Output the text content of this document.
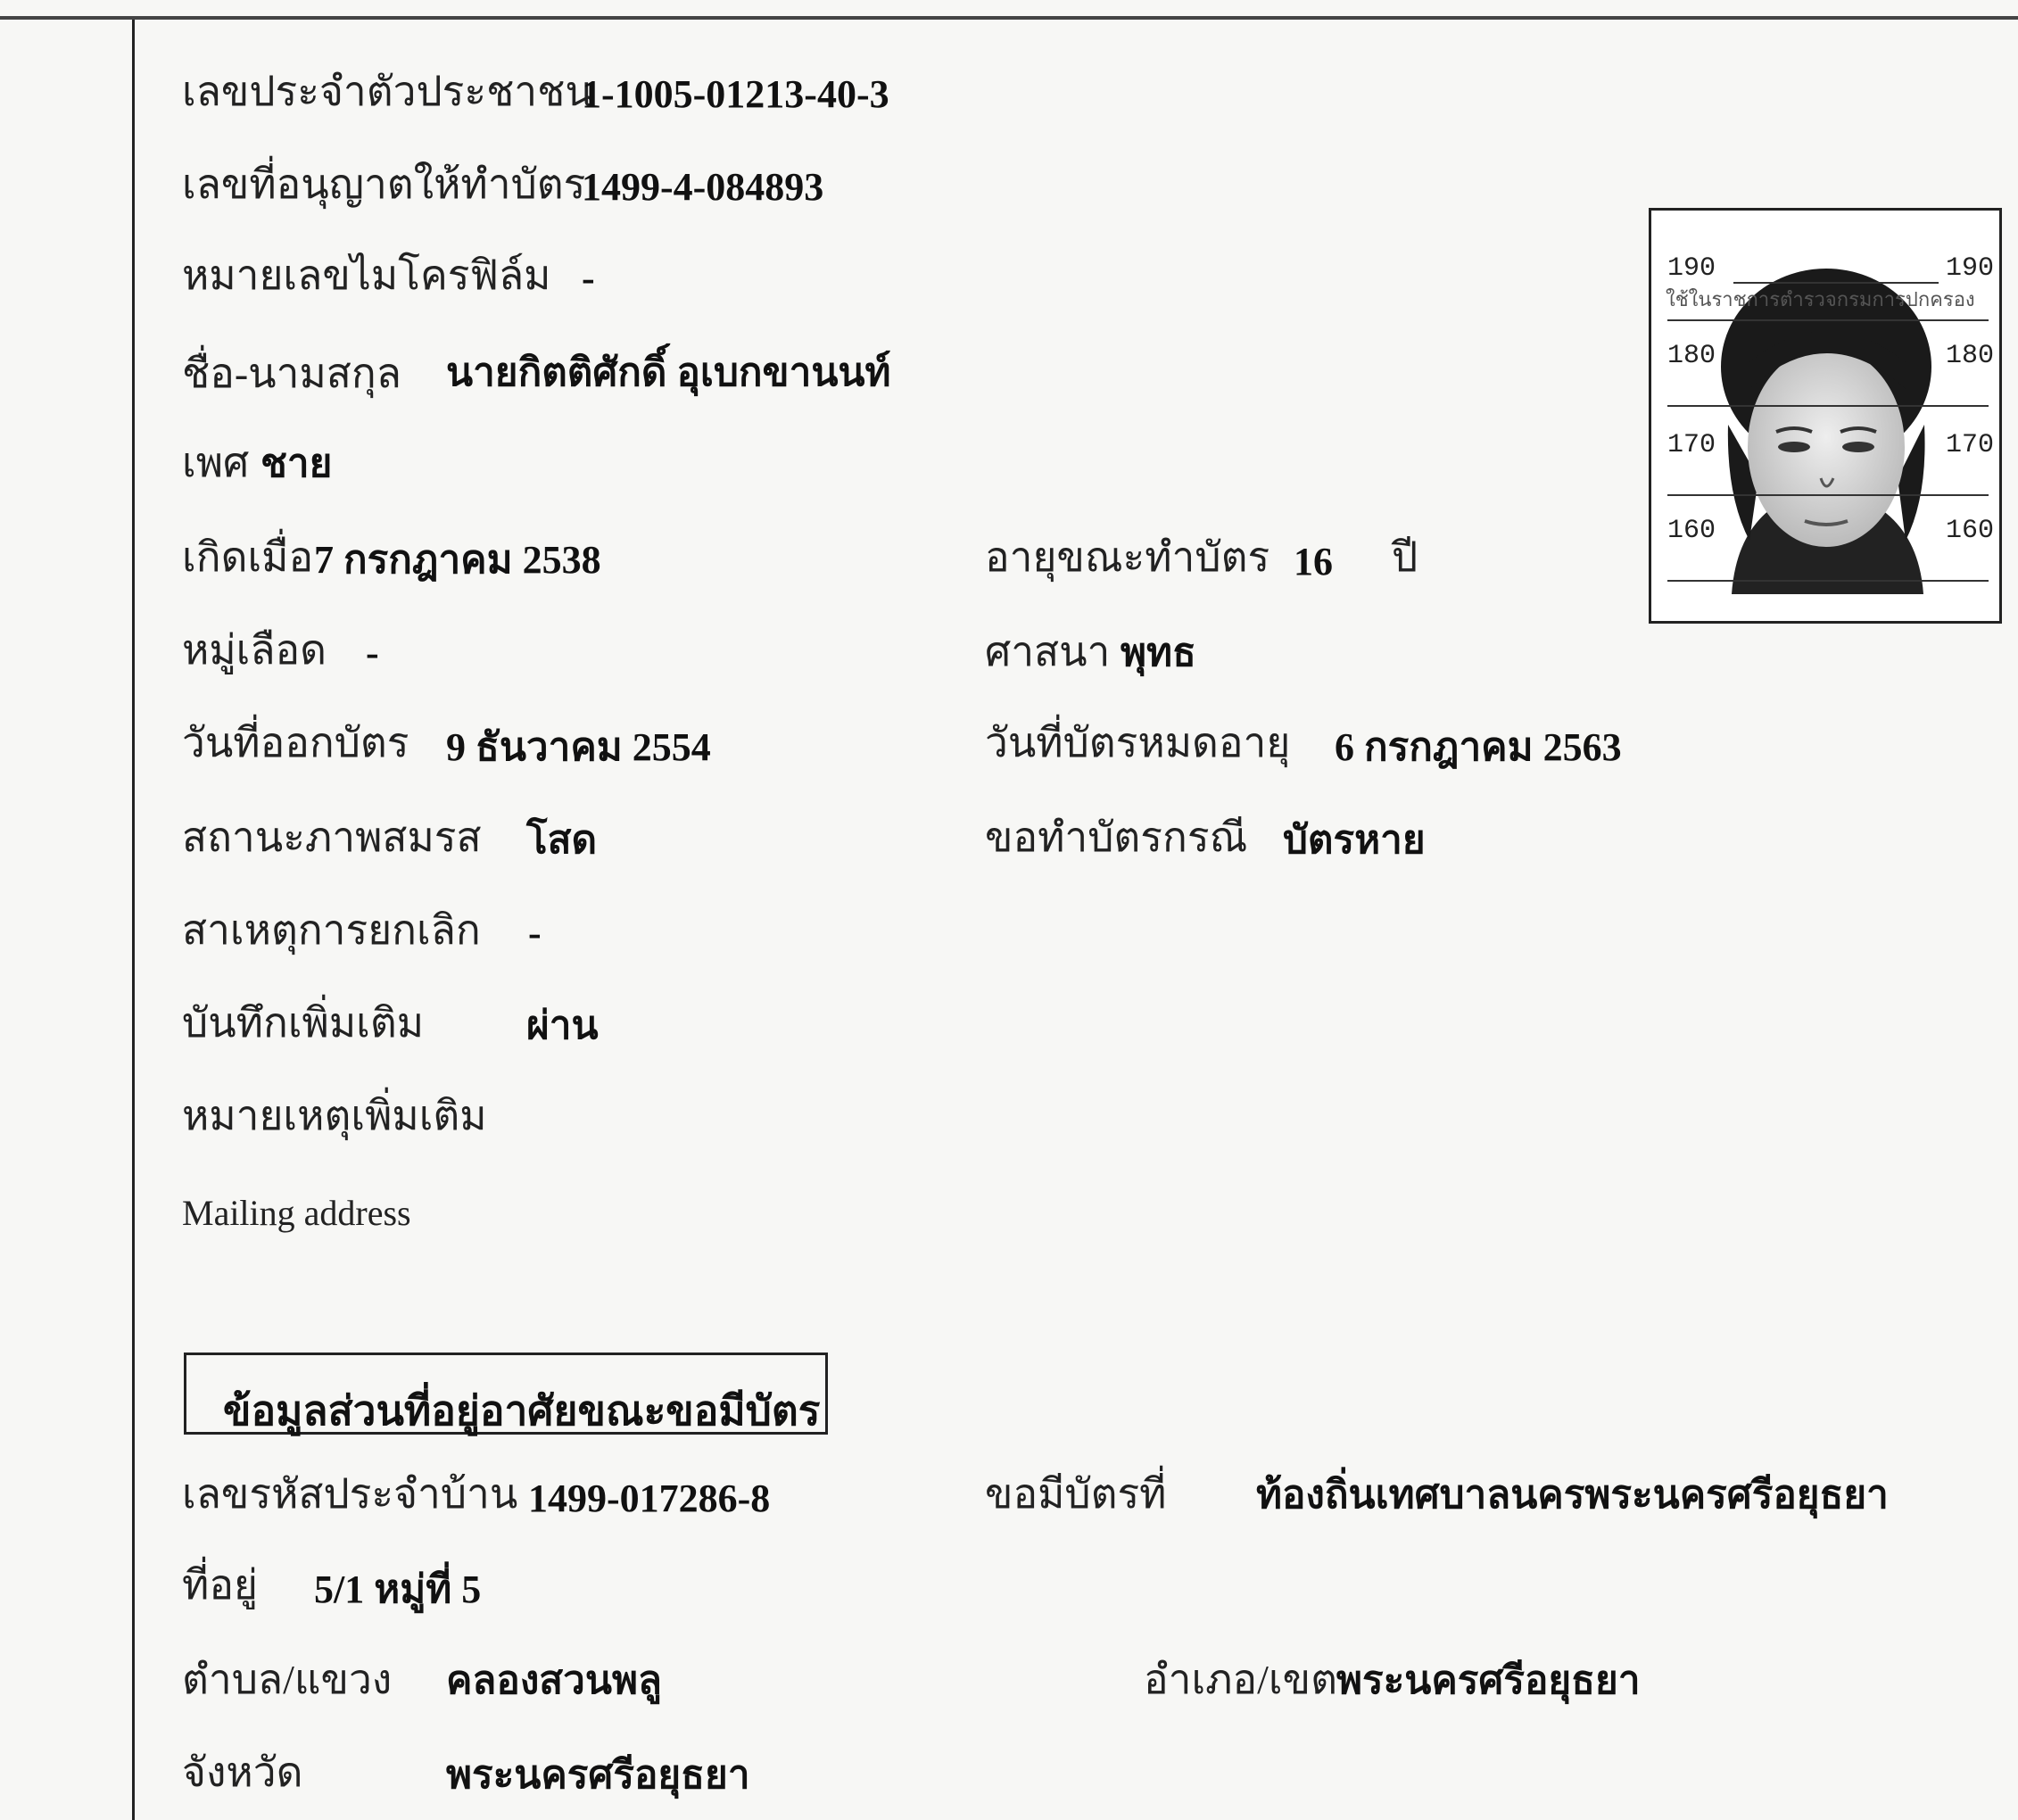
เลขประจำตัวประชาชน
1-1005-01213-40-3
เลขที่อนุญาตให้ทำบัตร
1499-4-084893
หมายเลขไมโครฟิล์ม -
ชื่อ-นามสกุล นายกิตติศักดิ์ อุเบกขานนท์
เพศ ชาย
เกิดเมื่อ 7 กรกฎาคม 2538	อายุขณะทำบัตร 16 ปี
หมู่เลือด -	ศาสนา พุทธ
วันที่ออกบัตร 9 ธันวาคม 2554	วันที่บัตรหมดอายุ 6 กรกฎาคม 2563
สถานะภาพสมรส โสด	ขอทำบัตรกรณี บัตรหาย
สาเหตุการยกเลิก -
บันทึกเพิ่มเติม	ผ่าน
หมายเหตุเพิ่มเติม
Mailing address
190	190
ใช้ในราชการตำรวจกรมการปกครอง
180	180
170	170
160	160
ข้อมูลส่วนที่อยู่อาศัยขณะขอมีบัตร
เลขรหัสประจำบ้าน 1499-017286-8	ขอมีบัตรที่ ท้องถิ่นเทศบาลนครพระนครศรีอยุธยา
ที่อยู่ 5/1 หมู่ที่ 5
ตำบล/แขวง คลองสวนพลู	อำเภอ/เขต พระนครศรีอยุธยา
จังหวัด	พระนครศรีอยุธยา
